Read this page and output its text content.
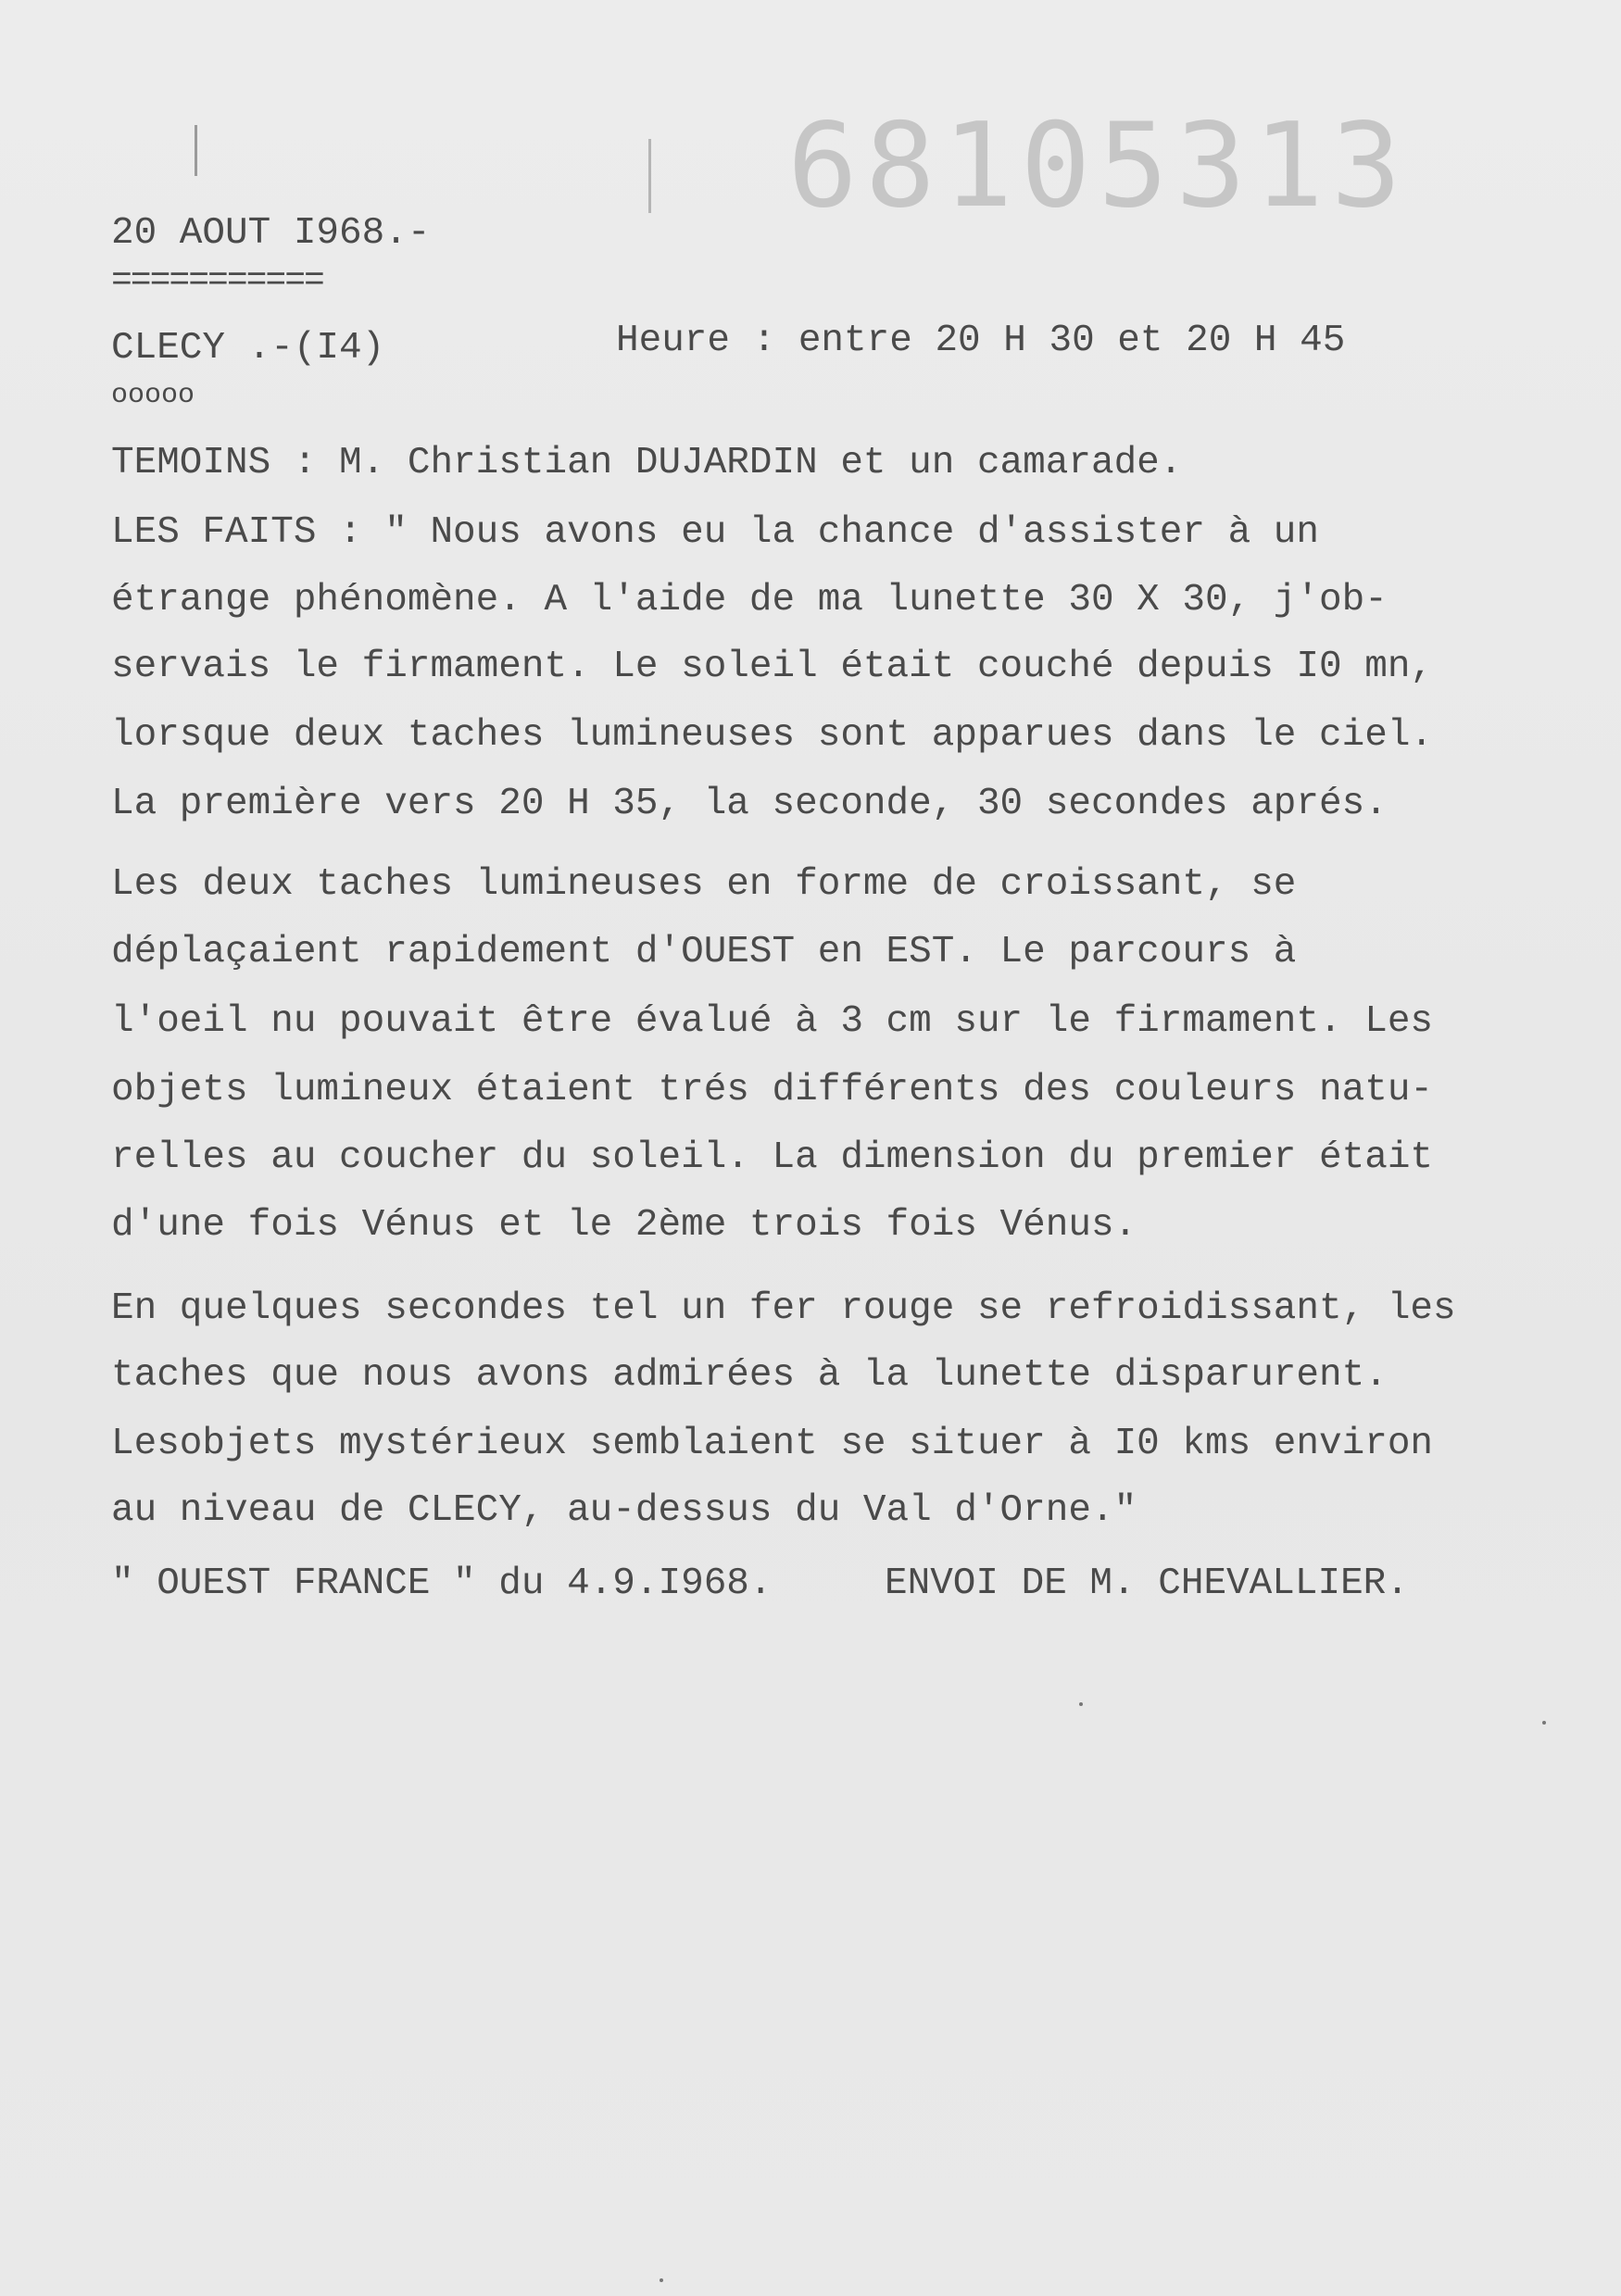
68105313
20 AOUT I968.-
===========
CLECY .-(I4)	Heure : entre 20 H 30 et 20 H 45
ooooo
TEMOINS : M. Christian DUJARDIN et un camarade.
LES FAITS : " Nous avons eu la chance d'assister à un
étrange phénomène. A l'aide de ma lunette 30 X 30, j'ob-
servais le firmament. Le soleil était couché depuis I0 mn,
lorsque deux taches lumineuses sont apparues dans le ciel.
La première vers 20 H 35, la seconde, 30 secondes aprés.
Les deux taches lumineuses en forme de croissant, se
déplaçaient rapidement d'OUEST en EST. Le parcours à
l'oeil nu pouvait être évalué à 3 cm sur le firmament. Les
objets lumineux étaient trés différents des couleurs natu-
relles au coucher du soleil. La dimension du premier était
d'une fois Vénus et le 2ème trois fois Vénus.
En quelques secondes tel un fer rouge se refroidissant, les
taches que nous avons admirées à la lunette disparurent.
Lesobjets mystérieux semblaient se situer à I0 kms environ
au niveau de CLECY, au-dessus du Val d'Orne."
" OUEST FRANCE " du 4.9.I968.	ENVOI DE M. CHEVALLIER.
